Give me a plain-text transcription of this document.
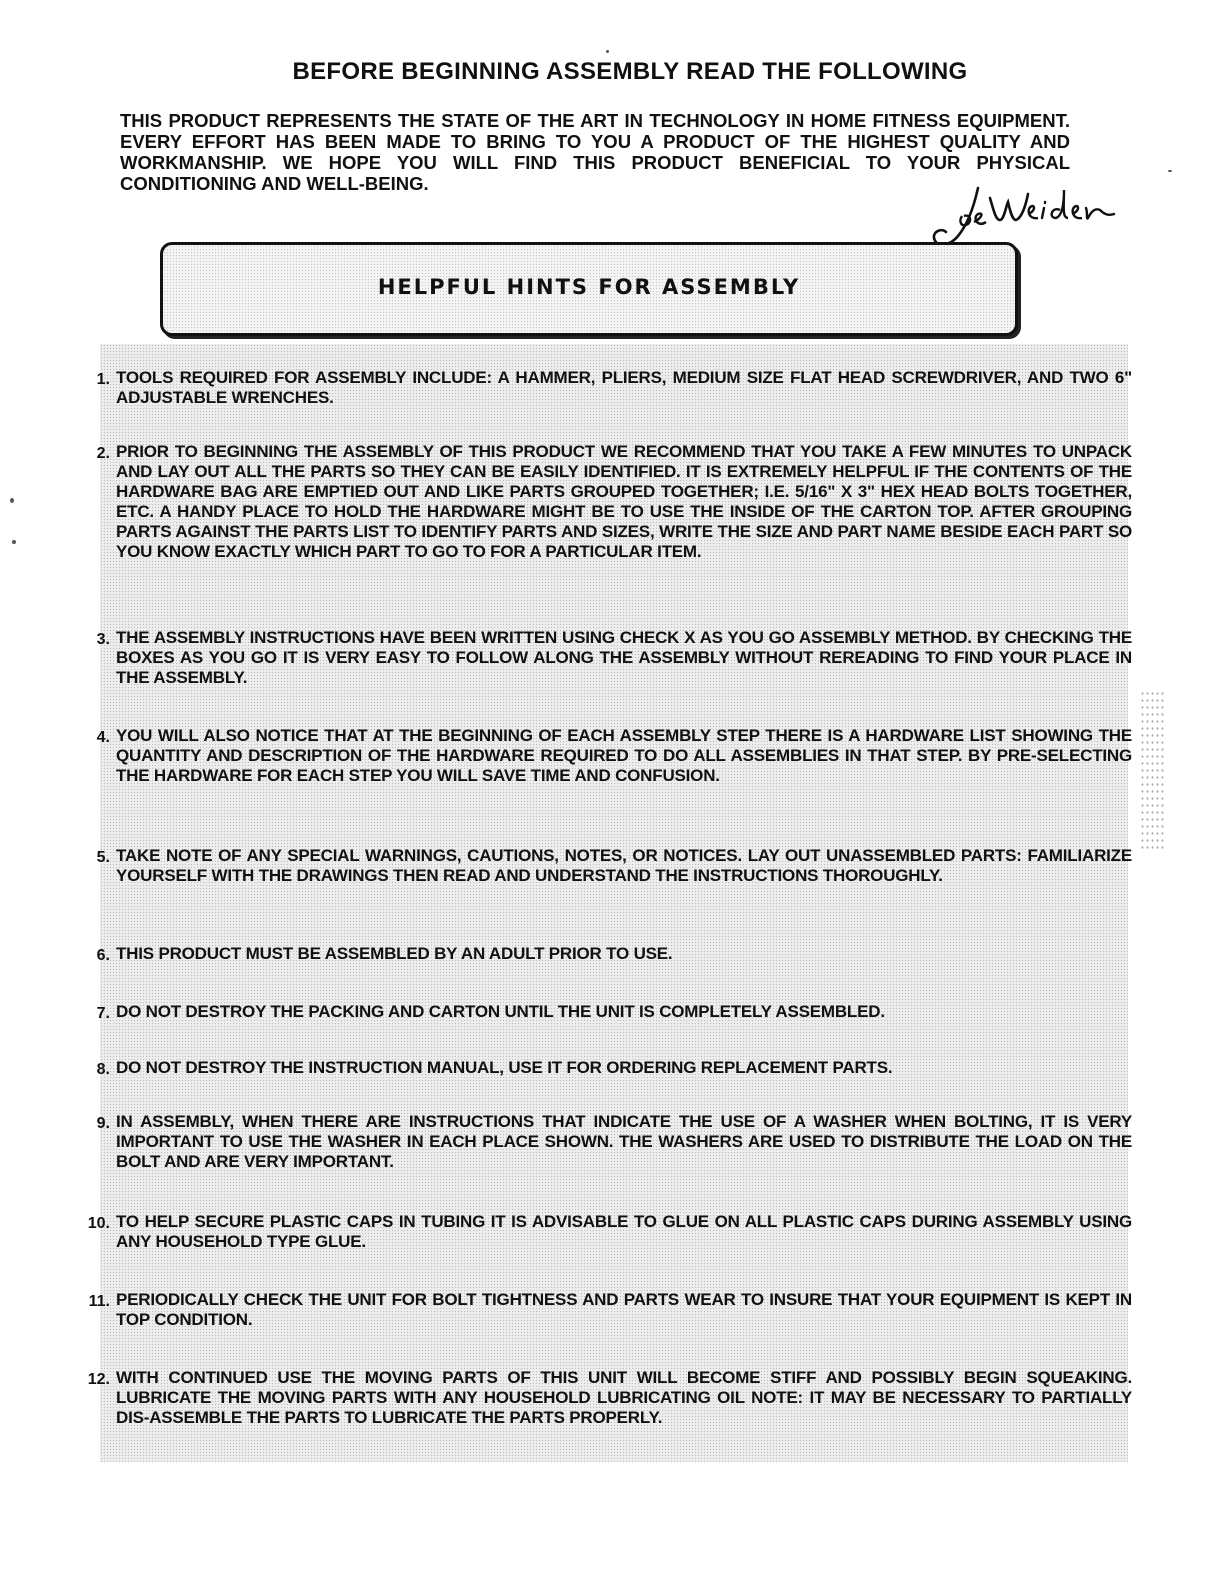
BEFORE BEGINNING ASSEMBLY READ THE FOLLOWING
THIS PRODUCT REPRESENTS THE STATE OF THE ART IN TECHNOLOGY IN HOME FITNESS EQUIPMENT. EVERY EFFORT HAS BEEN MADE TO BRING TO YOU A PRODUCT OF THE HIGHEST QUALITY AND WORKMANSHIP. WE HOPE YOU WILL FIND THIS PRODUCT BENEFICIAL TO YOUR PHYSICAL CONDITIONING AND WELL-BEING.
HELPFUL HINTS FOR ASSEMBLY
1. TOOLS REQUIRED FOR ASSEMBLY INCLUDE: A HAMMER, PLIERS, MEDIUM SIZE FLAT HEAD SCREWDRIVER, AND TWO 6" ADJUSTABLE WRENCHES.
2. PRIOR TO BEGINNING THE ASSEMBLY OF THIS PRODUCT WE RECOMMEND THAT YOU TAKE A FEW MINUTES TO UNPACK AND LAY OUT ALL THE PARTS SO THEY CAN BE EASILY IDENTIFIED. IT IS EXTREMELY HELPFUL IF THE CONTENTS OF THE HARDWARE BAG ARE EMPTIED OUT AND LIKE PARTS GROUPED TOGETHER; I.E. 5/16" X 3" HEX HEAD BOLTS TOGETHER, ETC. A HANDY PLACE TO HOLD THE HARDWARE MIGHT BE TO USE THE INSIDE OF THE CARTON TOP. AFTER GROUPING PARTS AGAINST THE PARTS LIST TO IDENTIFY PARTS AND SIZES, WRITE THE SIZE AND PART NAME BESIDE EACH PART SO YOU KNOW EXACTLY WHICH PART TO GO TO FOR A PARTICULAR ITEM.
3. THE ASSEMBLY INSTRUCTIONS HAVE BEEN WRITTEN USING CHECK X AS YOU GO ASSEMBLY METHOD. BY CHECKING THE BOXES AS YOU GO IT IS VERY EASY TO FOLLOW ALONG THE ASSEMBLY WITHOUT REREADING TO FIND YOUR PLACE IN THE ASSEMBLY.
4. YOU WILL ALSO NOTICE THAT AT THE BEGINNING OF EACH ASSEMBLY STEP THERE IS A HARDWARE LIST SHOWING THE QUANTITY AND DESCRIPTION OF THE HARDWARE REQUIRED TO DO ALL ASSEMBLIES IN THAT STEP. BY PRE-SELECTING THE HARDWARE FOR EACH STEP YOU WILL SAVE TIME AND CONFUSION.
5. TAKE NOTE OF ANY SPECIAL WARNINGS, CAUTIONS, NOTES, OR NOTICES. LAY OUT UNASSEMBLED PARTS: FAMILIARIZE YOURSELF WITH THE DRAWINGS THEN READ AND UNDERSTAND THE INSTRUCTIONS THOROUGHLY.
6. THIS PRODUCT MUST BE ASSEMBLED BY AN ADULT PRIOR TO USE.
7. DO NOT DESTROY THE PACKING AND CARTON UNTIL THE UNIT IS COMPLETELY ASSEMBLED.
8. DO NOT DESTROY THE INSTRUCTION MANUAL, USE IT FOR ORDERING REPLACEMENT PARTS.
9. IN ASSEMBLY, WHEN THERE ARE INSTRUCTIONS THAT INDICATE THE USE OF A WASHER WHEN BOLTING, IT IS VERY IMPORTANT TO USE THE WASHER IN EACH PLACE SHOWN. THE WASHERS ARE USED TO DISTRIBUTE THE LOAD ON THE BOLT AND ARE VERY IMPORTANT.
10. TO HELP SECURE PLASTIC CAPS IN TUBING IT IS ADVISABLE TO GLUE ON ALL PLASTIC CAPS DURING ASSEMBLY USING ANY HOUSEHOLD TYPE GLUE.
11. PERIODICALLY CHECK THE UNIT FOR BOLT TIGHTNESS AND PARTS WEAR TO INSURE THAT YOUR EQUIPMENT IS KEPT IN TOP CONDITION.
12. WITH CONTINUED USE THE MOVING PARTS OF THIS UNIT WILL BECOME STIFF AND POSSIBLY BEGIN SQUEAKING. LUBRICATE THE MOVING PARTS WITH ANY HOUSEHOLD LUBRICATING OIL NOTE: IT MAY BE NECESSARY TO PARTIALLY DIS-ASSEMBLE THE PARTS TO LUBRICATE THE PARTS PROPERLY.
